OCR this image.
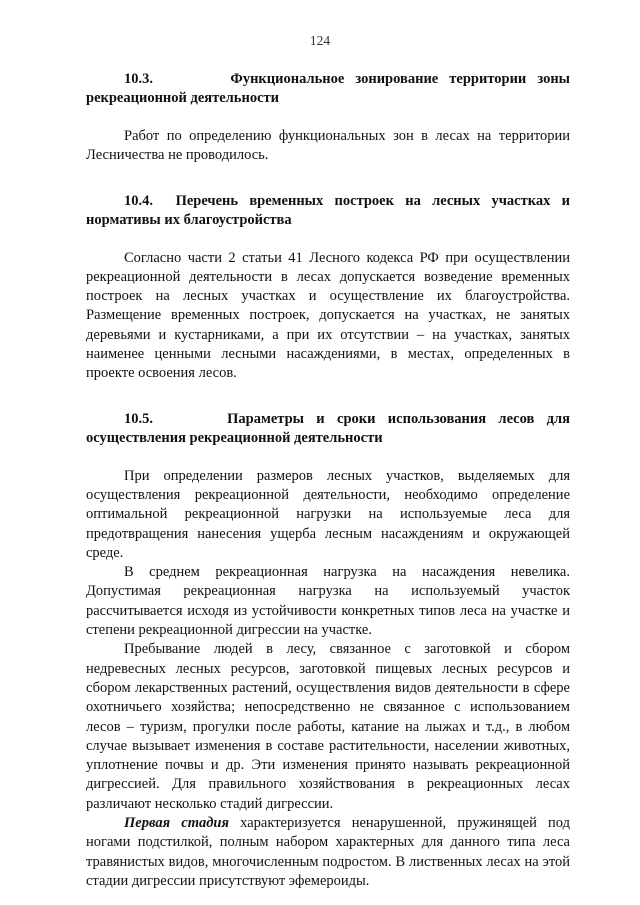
124
10.3.	Функциональное зонирование территории зоны рекреационной деятельности

Работ по определению функциональных зон в лесах на территории Лесничества не проводилось.

10.4. Перечень временных построек на лесных участках и нормативы их благоустройства

Согласно части 2 статьи 41 Лесного кодекса РФ при осуществлении рекреационной деятельности в лесах допускается возведение временных построек на лесных участках и осуществление их благоустройства. Размещение временных построек, допускается на участках, не занятых деревьями и кустарниками, а при их отсутствии – на участках, занятых наименее ценными лесными насаждениями, в местах, определенных в проекте освоения лесов.

10.5.	Параметры и сроки использования лесов для осуществления рекреационной деятельности

При определении размеров лесных участков, выделяемых для осуществления рекреационной деятельности, необходимо определение оптимальной рекреационной нагрузки на используемые леса для предотвращения нанесения ущерба лесным насаждениям и окружающей среде.

В среднем рекреационная нагрузка на насаждения невелика. Допустимая рекреационная нагрузка на используемый участок рассчитывается исходя из устойчивости конкретных типов леса на участке и степени рекреационной дигрессии на участке.

Пребывание людей в лесу, связанное с заготовкой и сбором недревесных лесных ресурсов, заготовкой пищевых лесных ресурсов и сбором лекарственных растений, осуществления видов деятельности в сфере охотничьего хозяйства; непосредственно не связанное с использованием лесов – туризм, прогулки после работы, катание на лыжах и т.д., в любом случае вызывает изменения в составе растительности, населении животных, уплотнение почвы и др. Эти изменения принято называть рекреационной дигрессией. Для правильного хозяйствования в рекреационных лесах различают несколько стадий дигрессии.

Первая стадия характеризуется ненарушенной, пружинящей под ногами подстилкой, полным набором характерных для данного типа леса травянистых видов, многочисленным подростом. В лиственных лесах на этой стадии дигрессии присутствуют эфемероиды.
